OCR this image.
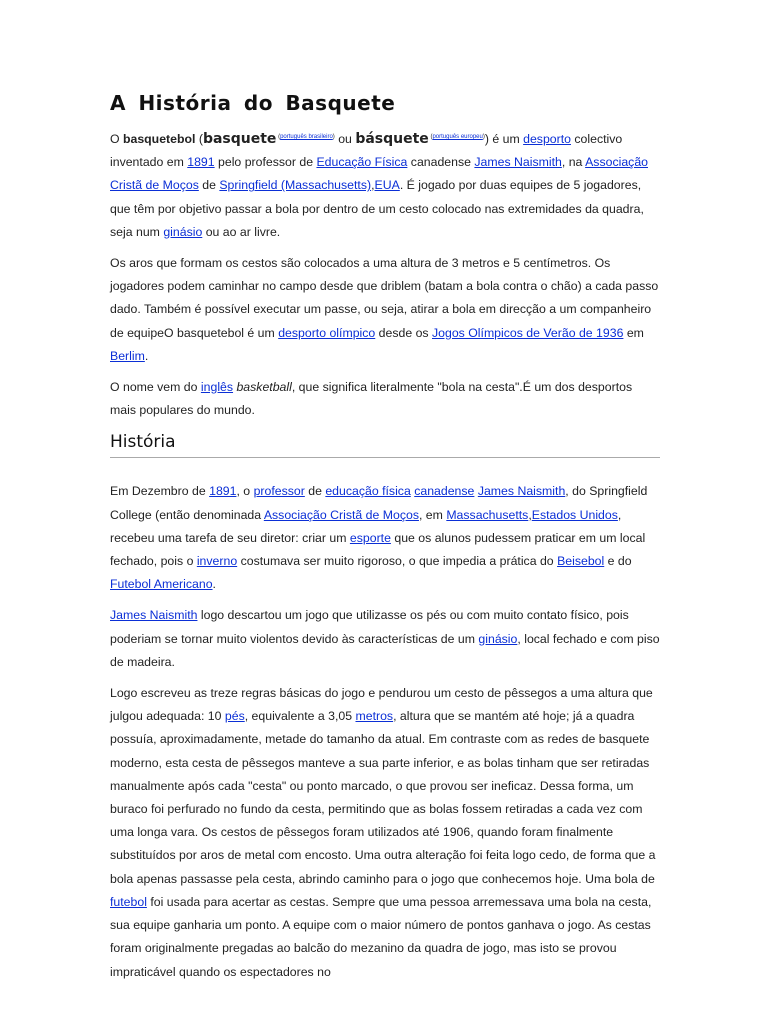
A História do Basquete

O basquetebol (basquete $^{(português brasileiro)}$ ou básquete $^{(português europeu)}$) é um desporto colectivo inventado em 1891 pelo professor de Educação Física canadense James Naismith, na Associação Cristã de Moços de Springfield (Massachusetts),EUA. É jogado por duas equipes de 5 jogadores, que têm por objetivo passar a bola por dentro de um cesto colocado nas extremidades da quadra, seja num ginásio ou ao ar livre.

Os aros que formam os cestos são colocados a uma altura de 3 metros e 5 centímetros. Os jogadores podem caminhar no campo desde que driblem (batam a bola contra o chão) a cada passo dado. Também é possível executar um passe, ou seja, atirar a bola em direcção a um companheiro de equipeO basquetebol é um desporto olímpico desde os Jogos Olímpicos de Verão de 1936 em Berlim.

O nome vem do inglês basketball, que significa literalmente "bola na cesta".É um dos desportos mais populares do mundo.

História

Em Dezembro de 1891, o professor de educação física canadense James Naismith, do Springfield College (então denominada Associação Cristã de Moços, em Massachusetts,Estados Unidos, recebeu uma tarefa de seu diretor: criar um esporte que os alunos pudessem praticar em um local fechado, pois o inverno costumava ser muito rigoroso, o que impedia a prática do Beisebol e do Futebol Americano.

James Naismith logo descartou um jogo que utilizasse os pés ou com muito contato físico, pois poderiam se tornar muito violentos devido às características de um ginásio, local fechado e com piso de madeira.

Logo escreveu as treze regras básicas do jogo e pendurou um cesto de pêssegos a uma altura que julgou adequada: 10 pés, equivalente a 3,05 metros, altura que se mantém até hoje; já a quadra possuía, aproximadamente, metade do tamanho da atual. Em contraste com as redes de basquete moderno, esta cesta de pêssegos manteve a sua parte inferior, e as bolas tinham que ser retiradas manualmente após cada "cesta" ou ponto marcado, o que provou ser ineficaz. Dessa forma, um buraco foi perfurado no fundo da cesta, permitindo que as bolas fossem retiradas a cada vez com uma longa vara. Os cestos de pêssegos foram utilizados até 1906, quando foram finalmente substituídos por aros de metal com encosto. Uma outra alteração foi feita logo cedo, de forma que a bola apenas passasse pela cesta, abrindo caminho para o jogo que conhecemos hoje. Uma bola de futebol foi usada para acertar as cestas. Sempre que uma pessoa arremessava uma bola na cesta, sua equipe ganharia um ponto. A equipe com o maior número de pontos ganhava o jogo. As cestas foram originalmente pregadas ao balcão do mezanino da quadra de jogo, mas isto se provou impraticável quando os espectadores no
